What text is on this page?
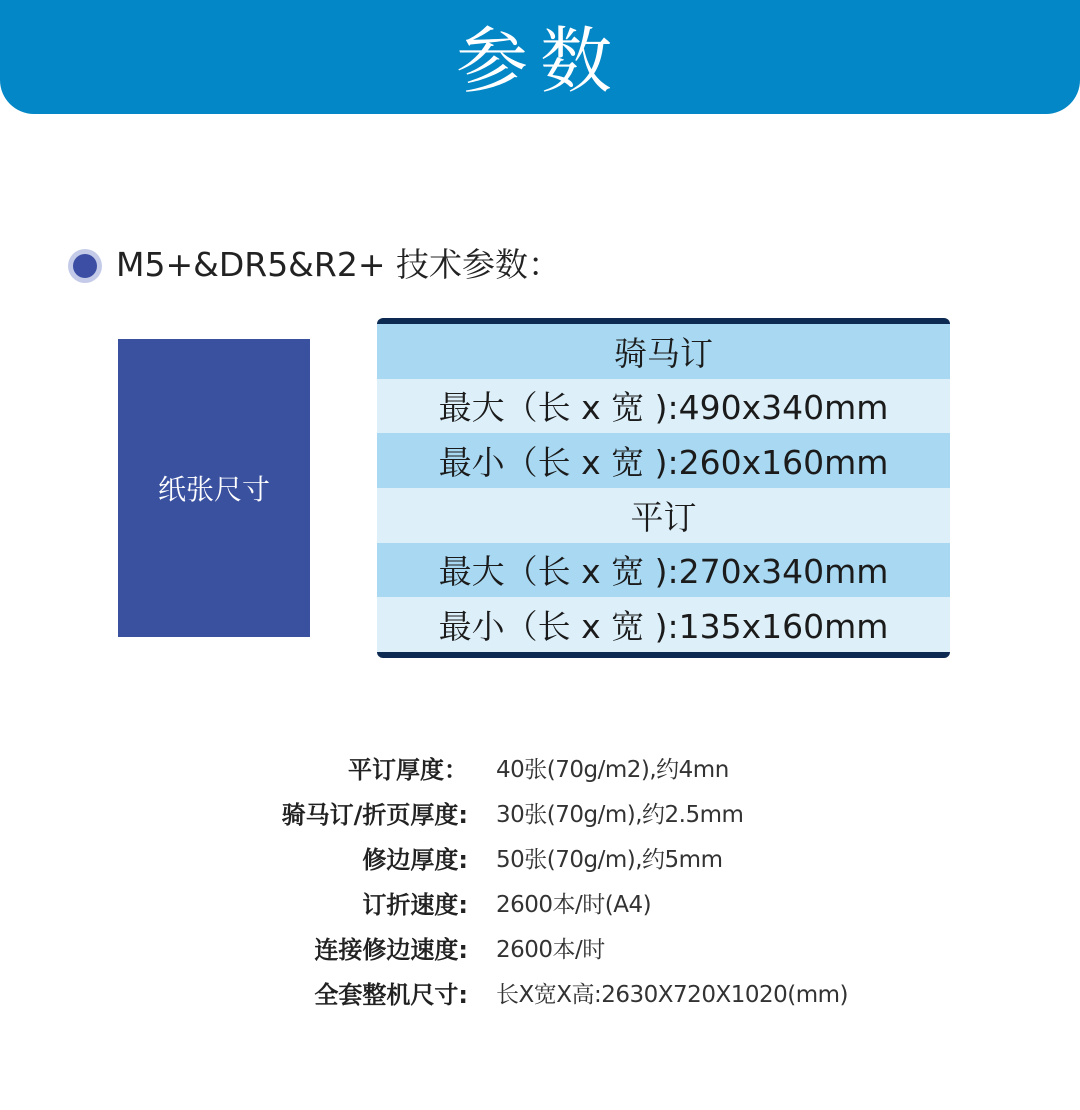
参数
M5+&DR5&R2+ 技术参数：
纸张尺寸
骑马订
最大（长 x 宽 ):490x340mm
最小（长 x 宽 ):260x160mm
平订
最大（长 x 宽 ):270x340mm
最小（长 x 宽 ):135x160mm
平订厚度： 40张(70g/m2),约4mn
骑马订/折页厚度: 30张(70g/m),约2.5mm
修边厚度: 50张(70g/m),约5mm
订折速度: 2600本/时(A4)
连接修边速度: 2600本/时
全套整机尺寸: 长X宽X高:2630X720X1020(mm)
